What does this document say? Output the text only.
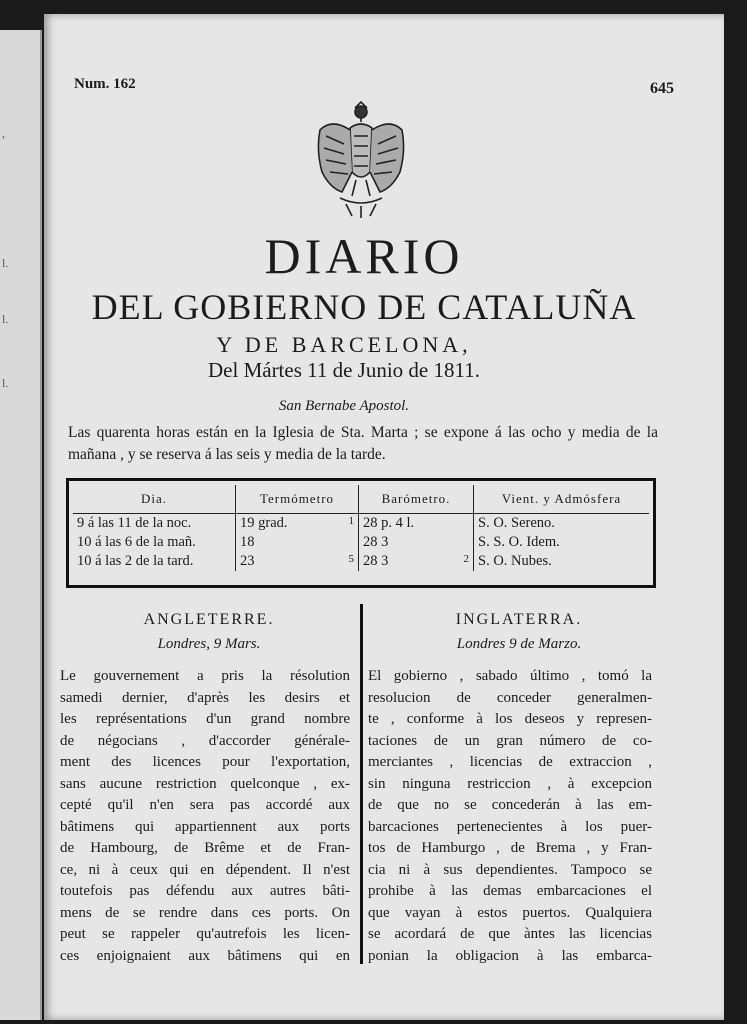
,
l.
l.
l.
Num. 162	645
DIARIO
DEL GOBIERNO DE CATALUÑA
Y DE BARCELONA,
Del Mártes 11 de Junio de 1811.
San Bernabe Apostol.
Las quarenta horas están en la Iglesia de Sta. Marta ; se expone á las ocho y media de la mañana , y se reserva á las seis y media de la tarde.
Dia.	Termómetro	Barómetro.	Vient. y Admósfera
9 á las 11 de la noc.	19 grad. 1	28 p. 4 l.	S. O. Sereno.
10 á las 6 de la mañ.	18	28 3	S. S. O. Idem.
10 á las 2 de la tard.	23 5	28 3 2	S. O. Nubes.
ANGLETERRE.
Londres, 9 Mars.
Le gouvernement a pris la résolution
samedi dernier, d'après les desirs et
les représentations d'un grand nombre
de négocians , d'accorder générale-
ment des licences pour l'exportation,
sans aucune restriction quelconque , ex-
cepté qu'il n'en sera pas accordé aux
bâtimens qui appartiennent aux ports
de Hambourg, de Brême et de Fran-
ce, ni à ceux qui en dépendent. Il n'est
toutefois pas défendu aux autres bâti-
mens de se rendre dans ces ports. On
peut se rappeler qu'autrefois les licen-
ces enjoignaient aux bâtimens qui en
INGLATERRA.
Londres 9 de Marzo.
El gobierno , sabado último , tomó la
resolucion de conceder generalmen-
te , conforme à los deseos y represen-
taciones de un gran número de co-
merciantes , licencias de extraccion ,
sin ninguna restriccion , à excepcion
de que no se concederán à las em-
barcaciones pertenecientes à los puer-
tos de Hamburgo , de Brema , y Fran-
cia ni à sus dependientes. Tampoco se
prohibe à las demas embarcaciones el
que vayan à estos puertos. Qualquiera
se acordará de que àntes las licencias
ponian la obligacion à las embarca-
